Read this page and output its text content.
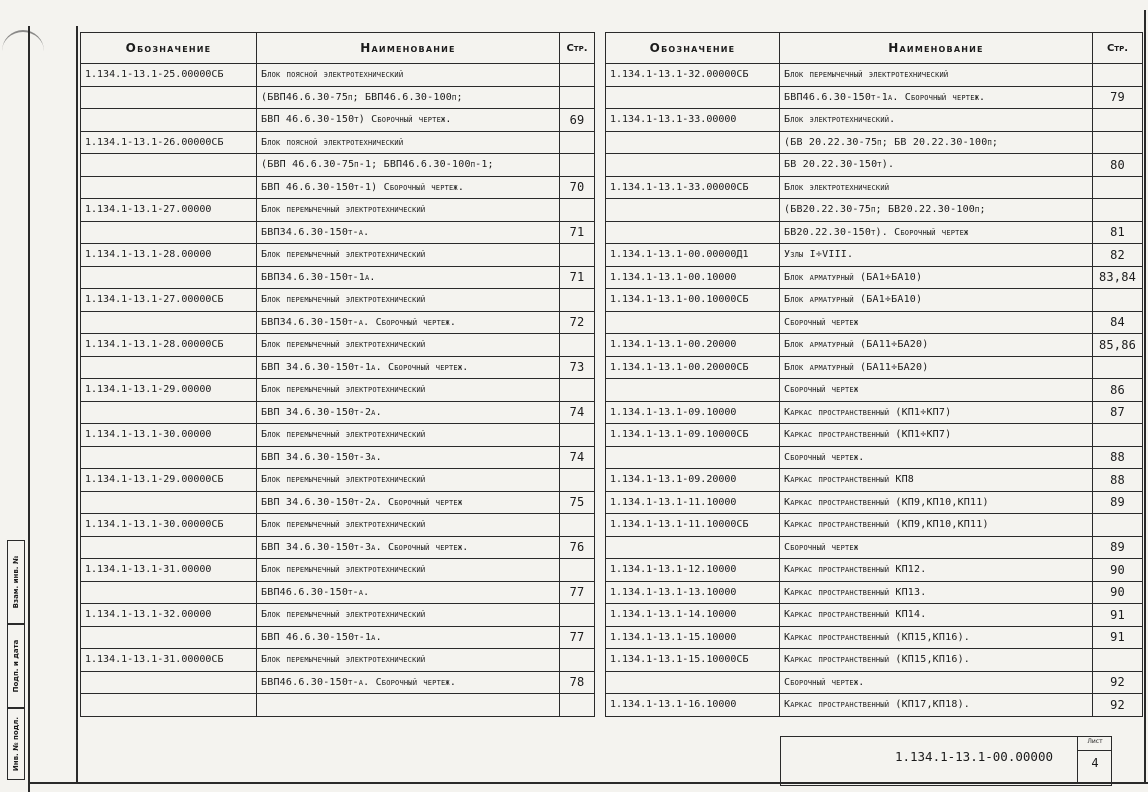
Взам. инв. №
Подп. и дата
Инв. № подл.
Обозначение	Наименование	Стр.
1.134.1-13.1-25.00000СБ	Блок поясной электротехнический	
	(БВП46.6.30-75п; БВП46.6.30-100п;	
	БВП 46.6.30-150т) Сборочный чертеж.	69
1.134.1-13.1-26.00000СБ	Блок поясной электротехнический	
	(БВП 46.6.30-75п-1; БВП46.6.30-100п-1;	
	БВП 46.6.30-150т-1) Сборочный чертеж.	70
1.134.1-13.1-27.00000	Блок перемычечный электротехнический	
	БВП34.6.30-150т-а.	71
1.134.1-13.1-28.00000	Блок перемычечный электротехнический	
	БВП34.6.30-150т-1а.	71
1.134.1-13.1-27.00000СБ	Блок перемычечный электротехнический	
	БВП34.6.30-150т-а. Сборочный чертеж.	72
1.134.1-13.1-28.00000СБ	Блок перемычечный электротехнический	
	БВП 34.6.30-150т-1а. Сборочный чертеж.	73
1.134.1-13.1-29.00000	Блок перемычечный электротехнический	
	БВП 34.6.30-150т-2а.	74
1.134.1-13.1-30.00000	Блок перемычечный электротехнический	
	БВП 34.6.30-150т-3а.	74
1.134.1-13.1-29.00000СБ	Блок перемычечный электротехнический	
	БВП 34.6.30-150т-2а. Сборочный чертеж	75
1.134.1-13.1-30.00000СБ	Блок перемычечный электротехнический	
	БВП 34.6.30-150т-3а. Сборочный чертеж.	76
1.134.1-13.1-31.00000	Блок перемычечный электротехнический	
	БВП46.6.30-150т-а.	77
1.134.1-13.1-32.00000	Блок перемычечный электротехнический	
	БВП 46.6.30-150т-1а.	77
1.134.1-13.1-31.00000СБ	Блок перемычечный электротехнический	
	БВП46.6.30-150т-а. Сборочный чертеж.	78

Обозначение	Наименование	Стр.
1.134.1-13.1-32.00000СБ	Блок перемычечный электротехнический	
	БВП46.6.30-150т-1а. Сборочный чертеж.	79
1.134.1-13.1-33.00000	Блок электротехнический.	
	(БВ 20.22.30-75п; БВ 20.22.30-100п;	
	БВ 20.22.30-150т).	80
1.134.1-13.1-33.00000СБ	Блок электротехнический	
	(БВ20.22.30-75п; БВ20.22.30-100п;	
	БВ20.22.30-150т). Сборочный чертеж	81
1.134.1-13.1-00.00000Д1	Узлы I÷VIII.	82
1.134.1-13.1-00.10000	Блок арматурный (БА1÷БА10)	83,84
1.134.1-13.1-00.10000СБ	Блок арматурный (БА1÷БА10)	
	Сборочный чертеж	84
1.134.1-13.1-00.20000	Блок арматурный (БА11÷БА20)	85,86
1.134.1-13.1-00.20000СБ	Блок арматурный (БА11÷БА20)	
	Сборочный чертеж	86
1.134.1-13.1-09.10000	Каркас пространственный (КП1÷КП7)	87
1.134.1-13.1-09.10000СБ	Каркас пространственный (КП1÷КП7)	
	Сборочный чертеж.	88
1.134.1-13.1-09.20000	Каркас пространственный КП8	88
1.134.1-13.1-11.10000	Каркас пространственный (КП9,КП10,КП11)	89
1.134.1-13.1-11.10000СБ	Каркас пространственный (КП9,КП10,КП11)	
	Сборочный чертеж	89
1.134.1-13.1-12.10000	Каркас пространственный КП12.	90
1.134.1-13.1-13.10000	Каркас пространственный КП13.	90
1.134.1-13.1-14.10000	Каркас пространственный КП14.	91
1.134.1-13.1-15.10000	Каркас пространственный (КП15,КП16).	91
1.134.1-13.1-15.10000СБ	Каркас пространственный (КП15,КП16).	
	Сборочный чертеж.	92
1.134.1-13.1-16.10000	Каркас пространственный (КП17,КП18).	92
1.134.1-13.1-00.00000
Лист
4
